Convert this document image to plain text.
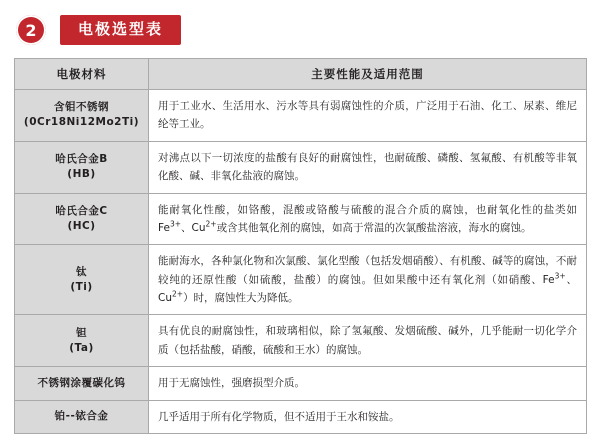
2	电极选型表
电极材料	主要性能及适用范围

含钼不锈钢
(0Cr18Ni12Mo2Ti)	用于工业水、生活用水、污水等具有弱腐蚀性的介质，广泛用于石油、化工、尿素、维尼纶等工业。

哈氏合金B
(HB)	对沸点以下一切浓度的盐酸有良好的耐腐蚀性，也耐硫酸、磷酸、氢氟酸、有机酸等非氧化酸、碱、非氧化盐液的腐蚀。

哈氏合金C
(HC)	能耐氧化性酸，如铬酸，混酸或铬酸与硫酸的混合介质的腐蚀，也耐氧化性的盐类如$Fe^{3+}$、$Cu^{2+}$或含其他氧化剂的腐蚀，如高于常温的次氯酸盐溶液，海水的腐蚀。

钛
(Ti)	能耐海水，各种氯化物和次氯酸、氯化型酸（包括发烟硝酸）、有机酸、碱等的腐蚀，不耐较纯的还原性酸（如硫酸，盐酸）的腐蚀。但如果酸中还有氧化剂（如硝酸、$Fe^{3+}$、$Cu^{2+}$）时，腐蚀性大为降低。

钽
(Ta)	具有优良的耐腐蚀性，和玻璃相似，除了氢氟酸、发烟硫酸、碱外，几乎能耐一切化学介质（包括盐酸，硝酸，硫酸和王水）的腐蚀。

不锈钢涂覆碳化钨	用于无腐蚀性，强磨损型介质。

铂--铱合金	几乎适用于所有化学物质，但不适用于王水和铵盐。
